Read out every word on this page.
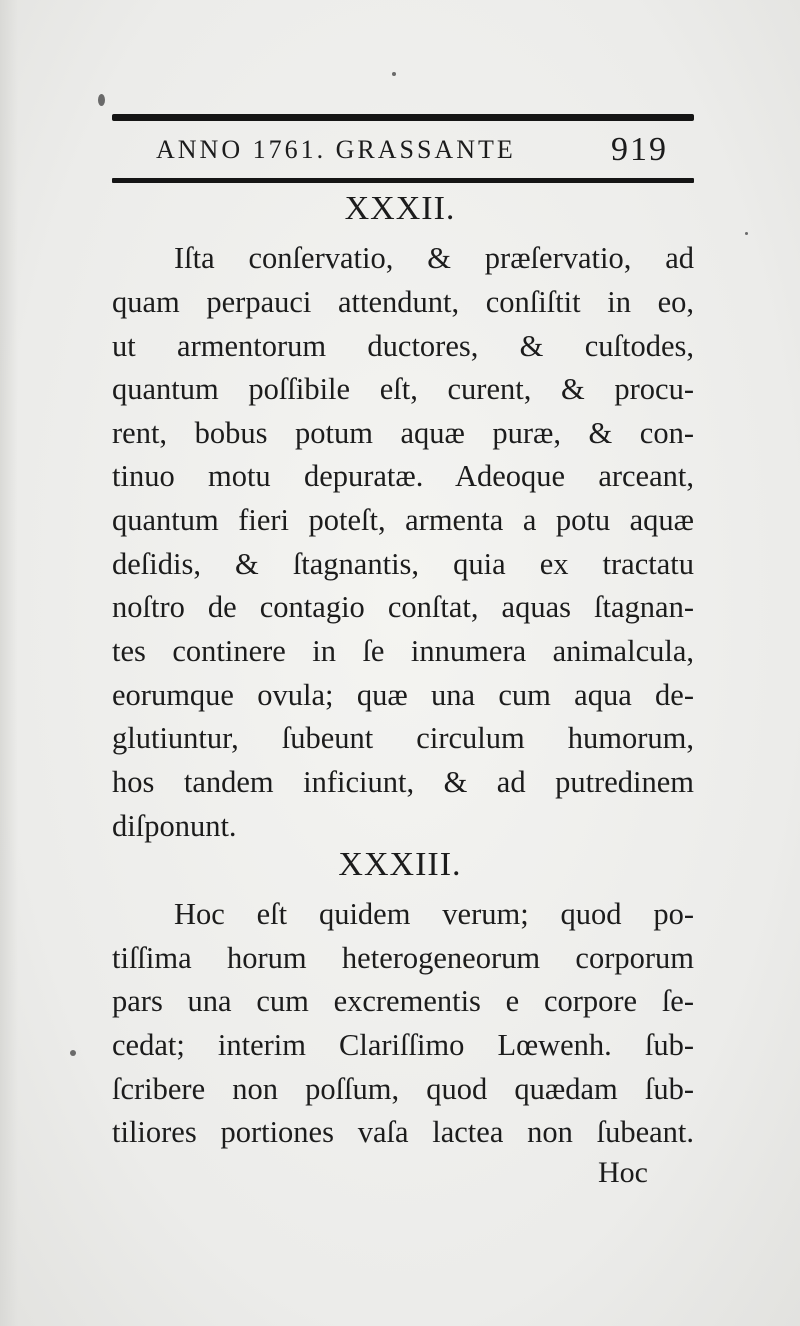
ANNO 1761. GRASSANTE	919
XXXII.
Iſta conſervatio, & præſervatio, ad
quam perpauci attendunt, conſiſtit in eo,
ut armentorum ductores, & cuſtodes,
quantum poſſibile eſt, curent, & procu-
rent, bobus potum aquæ puræ, & con-
tinuo motu depuratæ. Adeoque arceant,
quantum fieri poteſt, armenta a potu aquæ
deſidis, & ſtagnantis, quia ex tractatu
noſtro de contagio conſtat, aquas ſtagnan-
tes continere in ſe innumera animalcula,
eorumque ovula; quæ una cum aqua de-
glutiuntur, ſubeunt circulum humorum,
hos tandem inficiunt, & ad putredinem
diſponunt.
XXXIII.
Hoc eſt quidem verum; quod po-
tiſſima horum heterogeneorum corporum
pars una cum excrementis e corpore ſe-
cedat; interim Clariſſimo Lœwenh. ſub-
ſcribere non poſſum, quod quædam ſub-
tiliores portiones vaſa lactea non ſubeant.
Hoc
